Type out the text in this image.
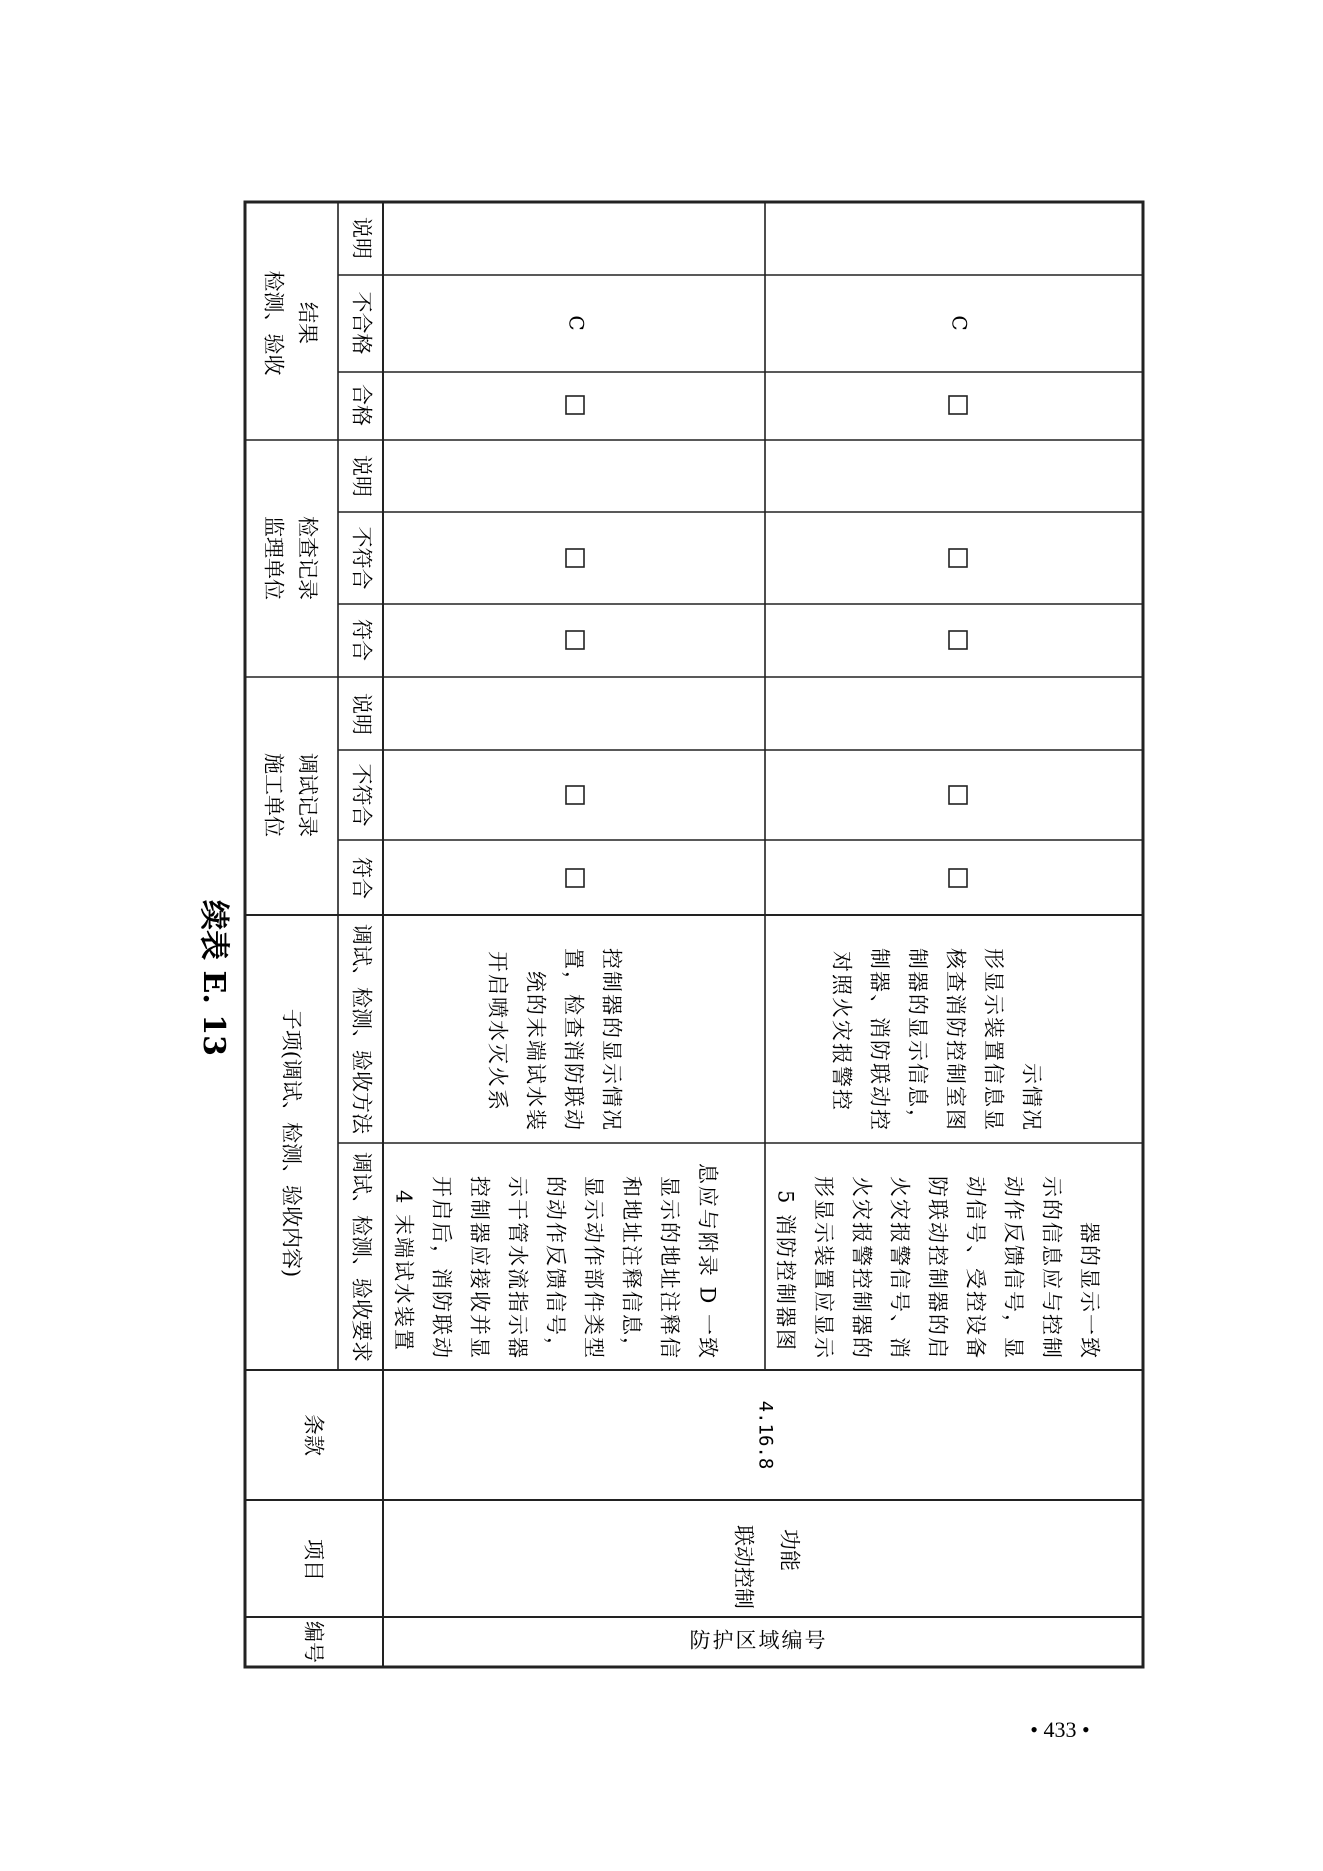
续表 E. 13
编号
项目
条款
子项(调试、检测、验收内容) 调试、检测、验收要求
调试、检测、验收方法
施工单位 调试记录
监理单位 检查记录
检测、验收 结果
符合
不符合
说明
符合
不符合
说明
合格
不合格
说明
防 护 区 域 编 号
联动控制 功能
4.16.8
4 末端试水装置 开启后，消防联动 控制器应接收并显 示干管水流指示器 的动作反馈信号， 显示动作部件类型 和地址注释信息， 显示的地址注释信 息应与附录 D 一致
开启喷水灭火系 统的末端试水装 置，检查消防联动 控制器的显示情况
C
5 消防控制器图 形显示装置应显示 火灾报警控制器的 火灾报警信号、消 防联动控制器的启 动信号、受控设备 动作反馈信号，显 示的信息应与控制 器的显示一致
对照火灾报警控 制器、消防联动控 制器的显示信息， 核查消防控制室图 形显示装置信息显 示情况
C
• 433 •
